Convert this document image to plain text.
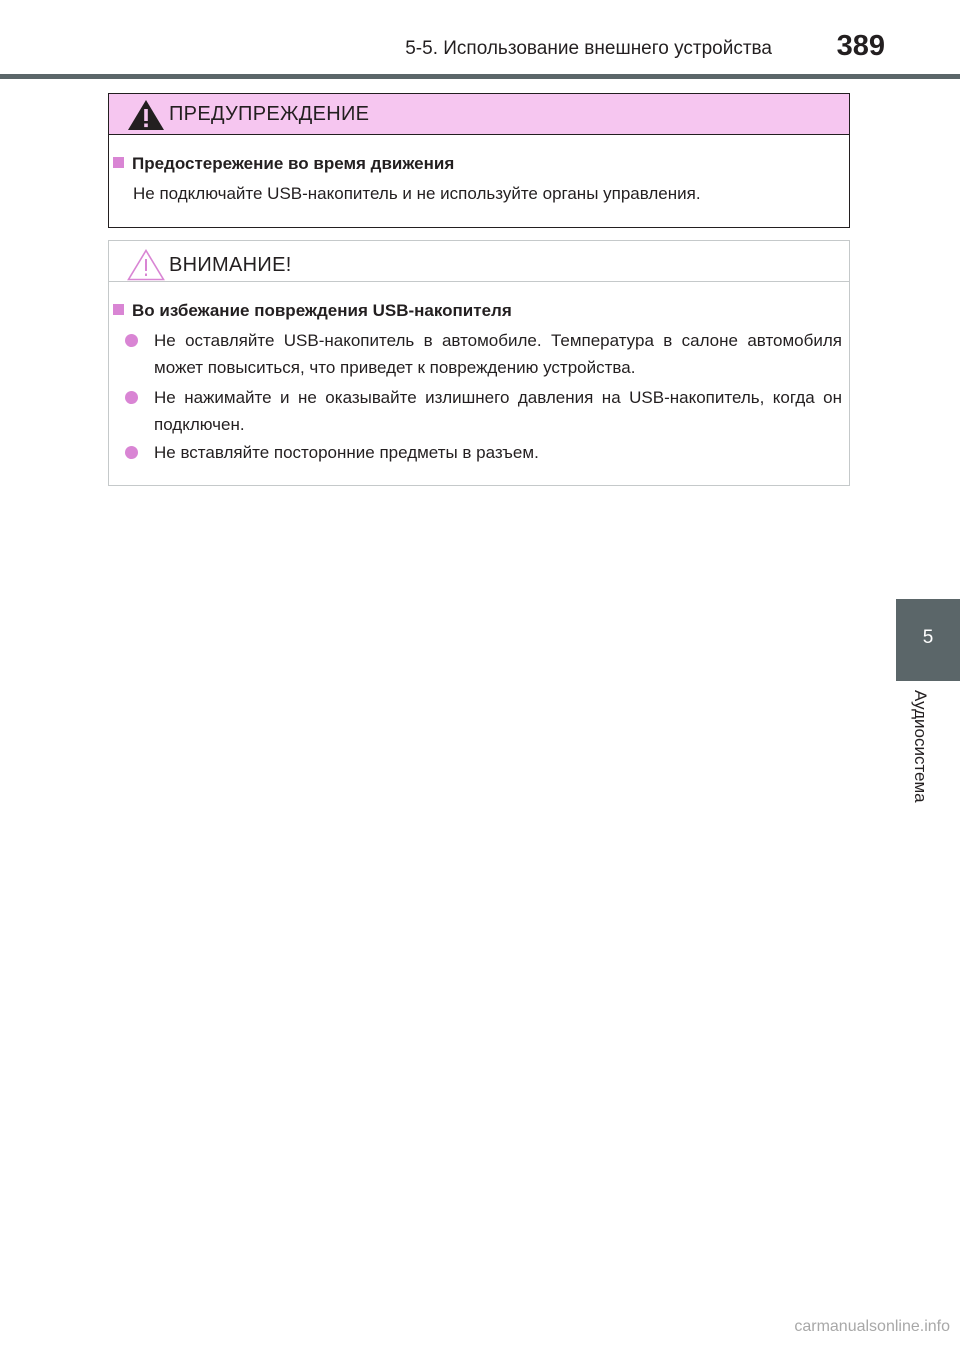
5-5. Использование внешнего устройства	389
ПРЕДУПРЕЖДЕНИЕ
Предостережение во время движения
Не подключайте USB-накопитель и не используйте органы управления.
ВНИМАНИЕ!
Во избежание повреждения USB-накопителя
Не оставляйте USB-накопитель в автомобиле. Температура в салоне автомобиля может повыситься, что приведет к повреждению устройства.
Не нажимайте и не оказывайте излишнего давления на USB-накопитель, когда он подключен.
Не вставляйте посторонние предметы в разъем.
5
Аудиосистема
carmanualsonline.info
